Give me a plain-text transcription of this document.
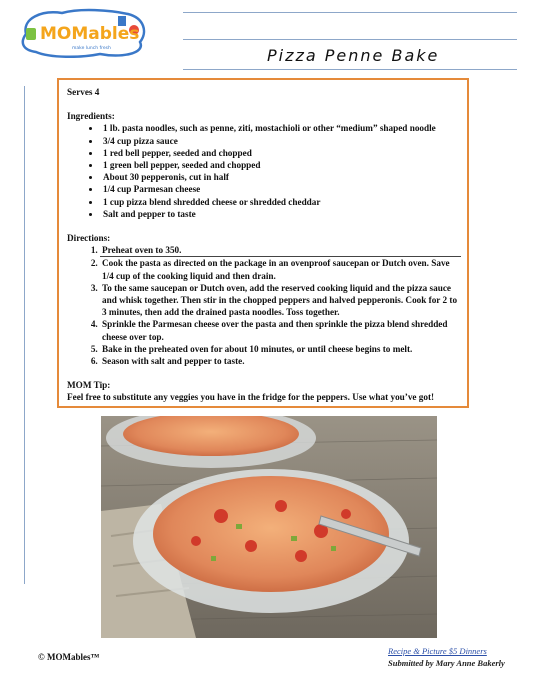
MOMables
make lunch fresh	Pizza Penne Bake

Serves 4

Ingredients:

• 1 lb. pasta noodles, such as penne, ziti, mostachioli or other “medium” shaped noodle
• 3/4 cup pizza sauce
• 1 red bell pepper, seeded and chopped
• 1 green bell pepper, seeded and chopped
• About 30 pepperonis, cut in half
• 1/4 cup Parmesan cheese
• 1 cup pizza blend shredded cheese or shredded cheddar
• Salt and pepper to taste

Directions:

1. Preheat oven to 350.
2. Cook the pasta as directed on the package in an ovenproof saucepan or Dutch oven. Save 1/4 cup of the cooking liquid and then drain.
3. To the same saucepan or Dutch oven, add the reserved cooking liquid and the pizza sauce and whisk together. Then stir in the chopped peppers and halved pepperonis. Cook for 2 to 3 minutes, then add the drained pasta noodles. Toss together.
4. Sprinkle the Parmesan cheese over the pasta and then sprinkle the pizza blend shredded cheese over top.
5. Bake in the preheated oven for about 10 minutes, or until cheese begins to melt.
6. Season with salt and pepper to taste.

MOM Tip:

Feel free to substitute any veggies you have in the fridge for the peppers. Use what you’ve got!

© MOMables™
Recipe & Picture $5 Dinners
Submitted by Mary Anne Bakerly
